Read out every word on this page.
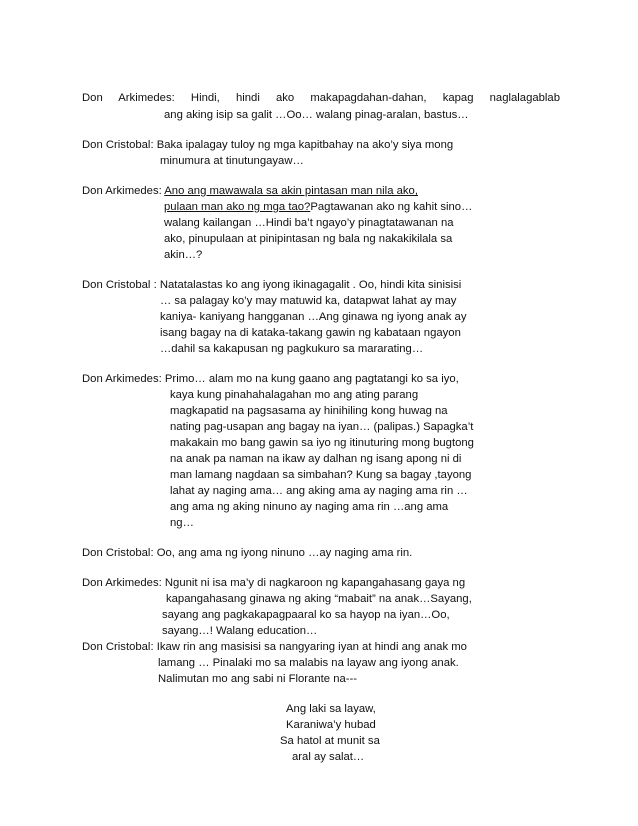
Don Arkimedes: Hindi, hindi ako makapagdahan-dahan, kapag naglalagablab
ang aking isip sa galit …Oo… walang pinag-aralan, bastus…
Don Cristobal: Baka ipalagay tuloy ng mga kapitbahay na ako’y siya mong
minumura at tinutungayaw…
Don Arkimedes: Ano ang mawawala sa akin pintasan man nila ako,
pulaan man ako ng mga tao?Pagtawanan ako ng kahit sino…
walang kailangan …Hindi ba’t ngayo’y pinagtatawanan na
ako, pinupulaan at pinipintasan ng bala ng nakakikilala sa
akin…?
Don Cristobal : Natatalastas ko ang iyong ikinagagalit . Oo, hindi kita sinisisi
… sa palagay ko’y may matuwid ka, datapwat lahat ay may
kaniya- kaniyang hangganan …Ang ginawa ng iyong anak ay
isang bagay na di kataka-takang gawin ng kabataan ngayon
…dahil sa kakapusan ng pagkukuro sa mararating…
Don Arkimedes: Primo… alam mo na kung gaano ang pagtatangi ko sa iyo,
kaya kung pinahahalagahan mo ang ating parang
magkapatid na pagsasama ay hinihiling kong huwag na
nating pag-usapan ang bagay na iyan… (palipas.) Sapagka’t
makakain mo bang gawin sa iyo ng itinuturing mong bugtong
na anak pa naman na ikaw ay dalhan ng isang apong ni di
man lamang nagdaan sa simbahan? Kung sa bagay ,tayong
lahat ay naging ama… ang aking ama ay naging ama rin …
ang ama ng aking ninuno ay naging ama rin …ang ama
ng…
Don Cristobal: Oo, ang ama ng iyong ninuno …ay naging ama rin.
Don Arkimedes: Ngunit ni isa ma’y di nagkaroon ng kapangahasang gaya ng
kapangahasang ginawa ng aking “mabait” na anak…Sayang,
sayang ang pagkakapagpaaral ko sa hayop na iyan…Oo,
sayang…! Walang education…
Don Cristobal: Ikaw rin ang masisisi sa nangyaring iyan at hindi ang anak mo
lamang … Pinalaki mo sa malabis na layaw ang iyong anak.
Nalimutan mo ang sabi ni Florante na---
Ang laki sa layaw,
Karaniwa’y hubad
Sa hatol at munit sa
aral ay salat…
